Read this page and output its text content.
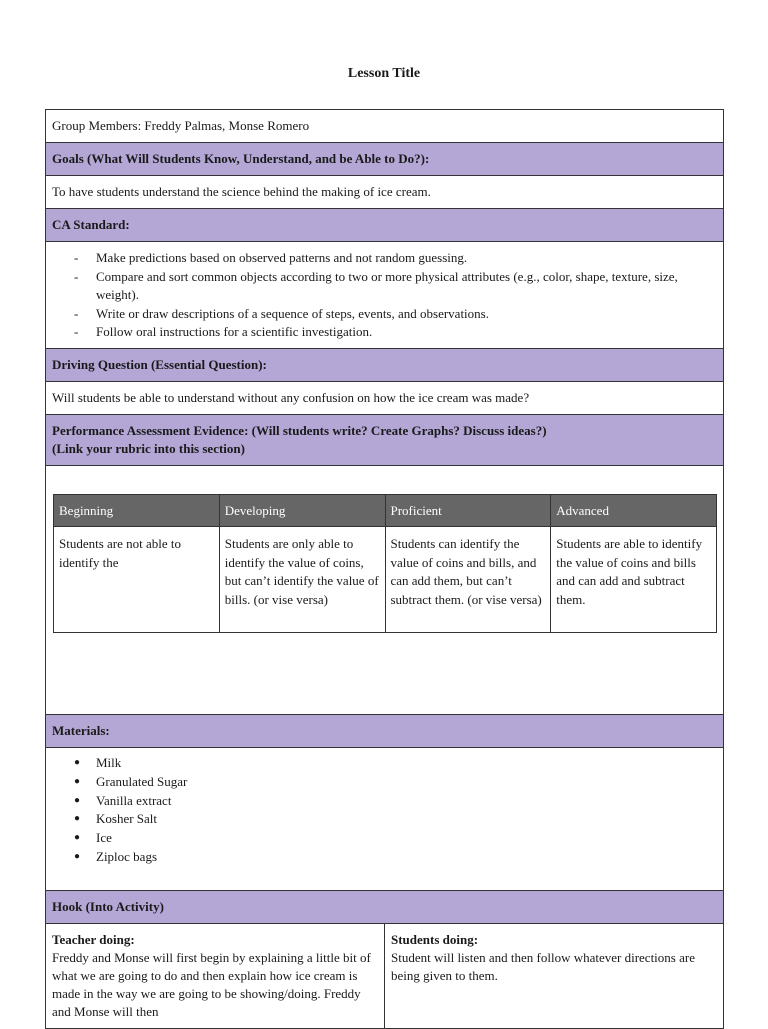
Lesson Title
Group Members: Freddy Palmas, Monse Romero

Goals (What Will Students Know, Understand, and be Able to Do?):

To have students understand the science behind the making of ice cream.

CA Standard:

- Make predictions based on observed patterns and not random guessing.
- Compare and sort common objects according to two or more physical attributes (e.g., color, shape, texture, size, weight).
- Write or draw descriptions of a sequence of steps, events, and observations.
- Follow oral instructions for a scientific investigation.

Driving Question (Essential Question):

Will students be able to understand without any confusion on how the ice cream was made?

Performance Assessment Evidence: (Will students write? Create Graphs? Discuss ideas?)
(Link your rubric into this section)

Beginning	Developing	Proficient	Advanced
Students are not able to identify the	Students are only able to identify the value of coins, but can’t identify the value of bills. (or vise versa)	Students can identify the value of coins and bills, and can add them, but can’t subtract them. (or vise versa)	Students are able to identify the value of coins and bills and can add and subtract them.

Materials:

● Milk
● Granulated Sugar
● Vanilla extract
● Kosher Salt
● Ice
● Ziploc bags

Hook (Into Activity)

Teacher doing:
Freddy and Monse will first begin by explaining a little bit of what we are going to do and then explain how ice cream is made in the way we are going to be showing/doing. Freddy and Monse will then

Students doing:
Student will listen and then follow whatever directions are being given to them.
